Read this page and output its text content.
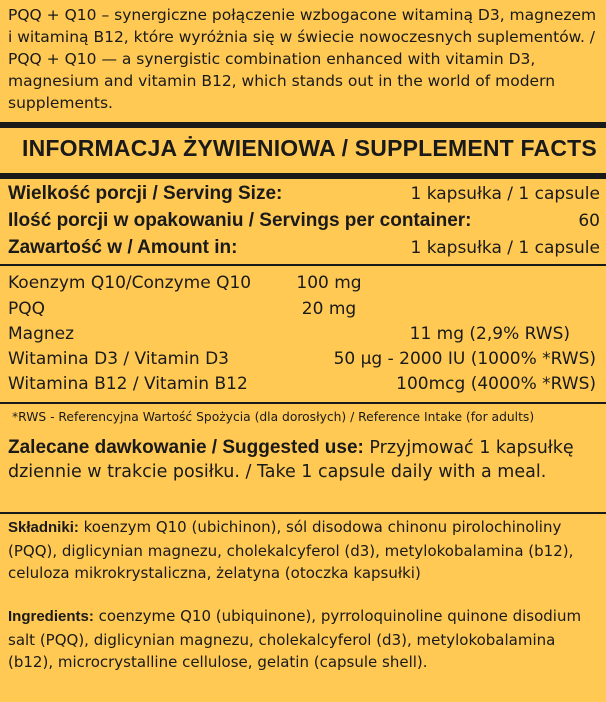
PQQ + Q10 – synergiczne połączenie wzbogacone witaminą D3, magnezem i witaminą B12, które wyróżnia się w świecie nowoczesnych suplementów. / PQQ + Q10 — a synergistic combination enhanced with vitamin D3, magnesium and vitamin B12, which stands out in the world of modern supplements.

INFORMACJA ŻYWIENIOWA / SUPPLEMENT FACTS
Wielkość porcji / Serving Size:	1 kapsułka / 1 capsule
Ilość porcji w opakowaniu / Servings per container:	60
Zawartość w / Amount in:	1 kapsułka / 1 capsule
Koenzym Q10/Conzyme Q10	100 mg
PQQ	20 mg
Magnez	11 mg (2,9% RWS)
Witamina D3 / Vitamin D3	50 µg - 2000 IU (1000% *RWS)
Witamina B12 / Vitamin B12	100mcg (4000% *RWS)

*RWS - Referencyjna Wartość Spożycia (dla dorosłych) / Reference Intake (for adults)

Zalecane dawkowanie / Suggested use: Przyjmować 1 kapsułkę dziennie w trakcie posiłku. / Take 1 capsule daily with a meal.

Składniki: koenzym Q10 (ubichinon), sól disodowa chinonu pirolochinoliny (PQQ), diglicynian magnezu, cholekalcyferol (d3), metylokobalamina (b12), celuloza mikrokrystaliczna, żelatyna (otoczka kapsułki)

Ingredients: coenzyme Q10 (ubiquinone), pyrroloquinoline quinone disodium salt (PQQ), diglicynian magnezu, cholekalcyferol (d3), metylokobalamina (b12), microcrystalline cellulose, gelatin (capsule shell).
